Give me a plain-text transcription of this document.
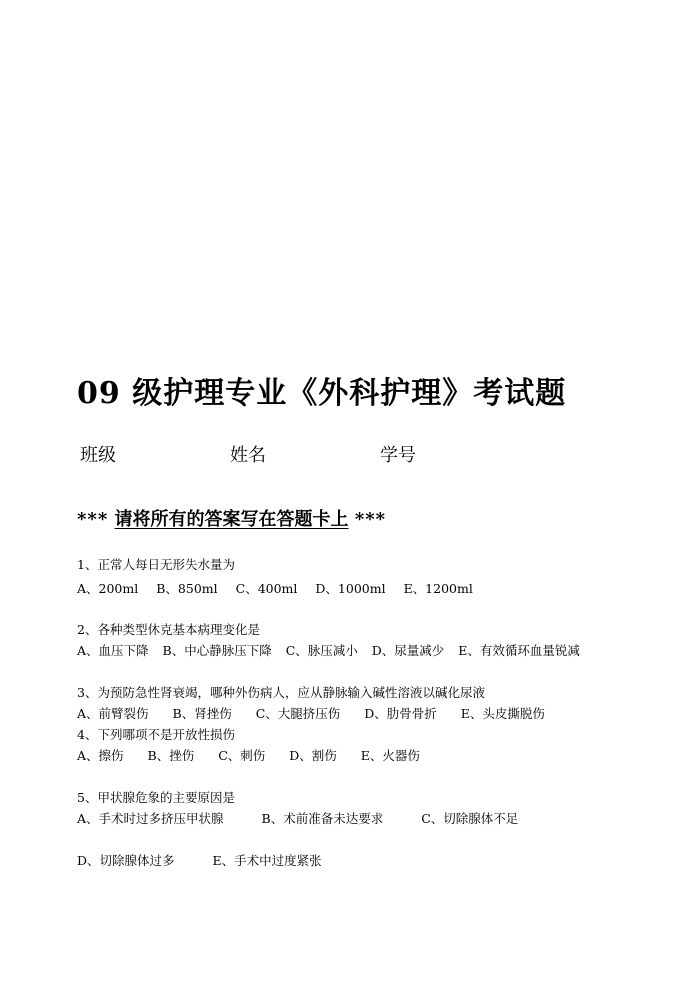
09 级护理专业《外科护理》考试题
班级	姓名	学号
*** 请将所有的答案写在答题卡上 ***
1、正常人每日无形失水量为
A、200ml B、850ml C、400ml D、1000ml E、1200ml
2、各种类型休克基本病理变化是
A、血压下降 B、中心静脉压下降 C、脉压减小 D、尿量减少 E、有效循环血量锐减
3、为预防急性肾衰竭，哪种外伤病人，应从静脉输入碱性溶液以碱化尿液
A、前臂裂伤 B、肾挫伤 C、大腿挤压伤 D、肋骨骨折 E、头皮撕脱伤
4、下列哪项不是开放性损伤
A、擦伤 B、挫伤 C、刺伤 D、割伤 E、火器伤
5、甲状腺危象的主要原因是
A、手术时过多挤压甲状腺	B、术前准备未达要求	C、切除腺体不足
D、切除腺体过多	E、手术中过度紧张
